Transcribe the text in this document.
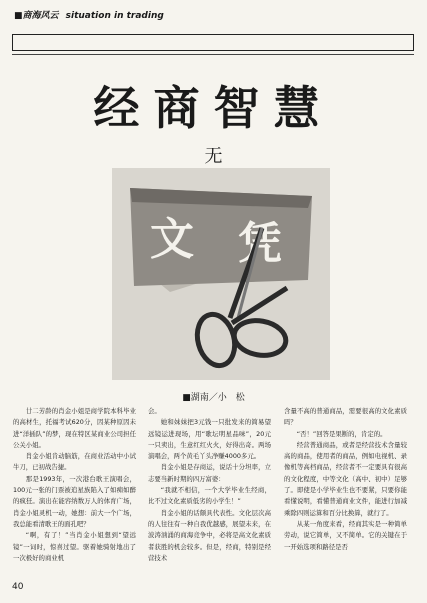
■商海风云 situation in trading
经商智慧
无
文 凭
■湖南／小　松

廿二芳龄的肖金小姐是商学院本科毕业的高材生，托福考试620分，因某种原因未进“洋插队”的梦，现在特区某商业公司担任公关小姐。

肖金小姐肯动脑筋，在商业活动中小试牛刀，已初战告捷。

那是1993年，一次港台歌王演唱会，100元一张的门票被追星族陷入了如痴如醉的疯狂。演出在能容纳数万人的体育广场，肖金小姐灵机一动，她想：前大一个广场，我总能看清歌王的面孔吧？

“啊，有了！”当肖金小姐想到“望远镜”一词时，惊喜过望。驱着她骑射地出了一次极好的商业机

会。

她和妹妹把3元钱一只批发来的简易望远镜运进现场，用“歌坛明星品味”，20元一只卖出，生意红红火火，好得出奇。两场演唱会，两个黄毛丫头净赚4000多元。

肖金小姐是存商运，说话十分坦率，立志要当新时期的四万富婆：

“我就不相信，一个大学毕业生经商，比不过文化素质低劣的小学生！”

肖金小姐的话颇具代表性。文化层次高的人往往有一种自我优越感，展望未来，在波涛汹涌的商海竞争中，必将是高文化素质者获胜的机会较多。但是，经商，特别是经营技术

含量不高的普通商品，需要很高的文化素质吗？

“否！”回答是果断的，肯定的。

经营普通商品，或者是经营技术含量较高的商品，使用者的商品，例如电视机、录像机等高档商品，经营者不一定要具有很高的文化程度，中等文化（高中、初中）足够了。即使是小学毕业生也不要紧，只要你能看懂说明，看懂普通商业文件，能进行加减乘除四则运算和百分比换算，就行了。

从某一角度来看，经商其实是一种简单劳动，说它简单，又不简单。它的关键在于一开始选项和路径是否

40
